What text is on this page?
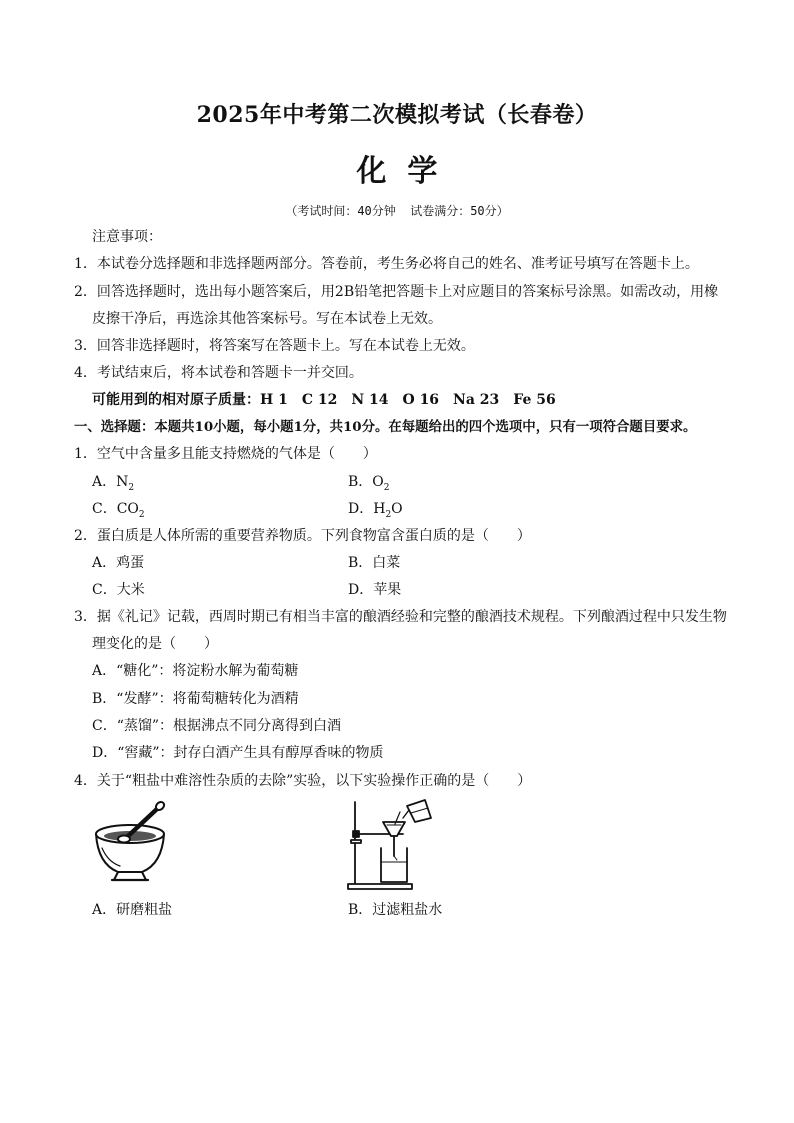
2025年中考第二次模拟考试（长春卷）

化  学

（考试时间：40分钟  试卷满分：50分）

注意事项：

1．本试卷分选择题和非选择题两部分。答卷前，考生务必将自己的姓名、准考证号填写在答题卡上。

2．回答选择题时，选出每小题答案后，用2B铅笔把答题卡上对应题目的答案标号涂黑。如需改动，用橡

皮擦干净后，再选涂其他答案标号。写在本试卷上无效。

3．回答非选择题时，将答案写在答题卡上。写在本试卷上无效。

4．考试结束后，将本试卷和答题卡一并交回。

可能用到的相对原子质量：H 1　C 12　N 14　O 16　Na 23　Fe 56

一、选择题：本题共10小题，每小题1分，共10分。在每题给出的四个选项中，只有一项符合题目要求。

1．空气中含量多且能支持燃烧的气体是（　　）

A．$N_2$	B．$O_2$

C．$CO_2$	D．$H_2O$

2．蛋白质是人体所需的重要营养物质。下列食物富含蛋白质的是（　　）

A．鸡蛋	B．白菜

C．大米	D．苹果

3．据《礼记》记载，西周时期已有相当丰富的酿酒经验和完整的酿酒技术规程。下列酿酒过程中只发生物

理变化的是（　　）

A．“糖化”：将淀粉水解为葡萄糖

B．“发酵”：将葡萄糖转化为酒精

C．“蒸馏”：根据沸点不同分离得到白酒

D．“窖藏”：封存白酒产生具有醇厚香味的物质

4．关于“粗盐中难溶性杂质的去除”实验，以下实验操作正确的是（　　）

A．研磨粗盐	B．过滤粗盐水
